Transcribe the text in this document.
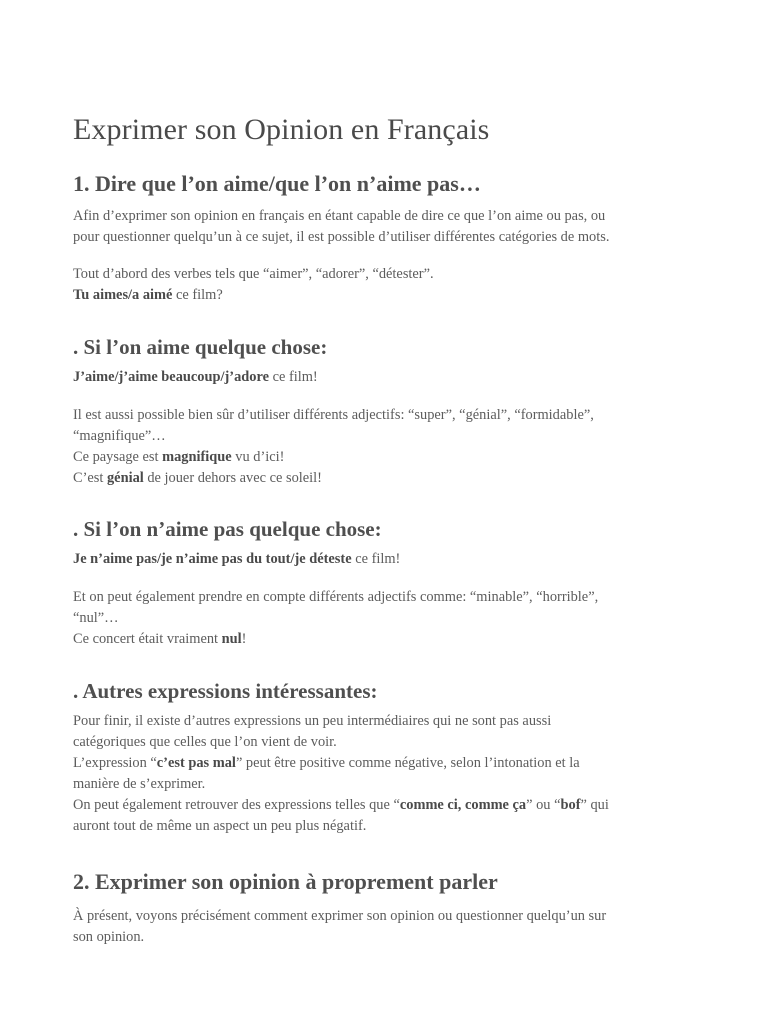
Exprimer son Opinion en Français
1. Dire que l’on aime/que l’on n’aime pas…

Afin d’exprimer son opinion en français en étant capable de dire ce que l’on aime ou pas, ou
pour questionner quelqu’un à ce sujet, il est possible d’utiliser différentes catégories de mots.

Tout d’abord des verbes tels que “aimer”, “adorer”, “détester”.
Tu aimes/a aimé ce film?

. Si l’on aime quelque chose:

J’aime/j’aime beaucoup/j’adore ce film!

Il est aussi possible bien sûr d’utiliser différents adjectifs: “super”, “génial”, “formidable”,
“magnifique”…
Ce paysage est magnifique vu d’ici!
C’est génial de jouer dehors avec ce soleil!

. Si l’on n’aime pas quelque chose:

Je n’aime pas/je n’aime pas du tout/je déteste ce film!

Et on peut également prendre en compte différents adjectifs comme: “minable”, “horrible”,
“nul”…
Ce concert était vraiment nul!

. Autres expressions intéressantes:

Pour finir, il existe d’autres expressions un peu intermédiaires qui ne sont pas aussi
catégoriques que celles que l’on vient de voir.
L’expression “c’est pas mal” peut être positive comme négative, selon l’intonation et la
manière de s’exprimer.
On peut également retrouver des expressions telles que “comme ci, comme ça” ou “bof” qui
auront tout de même un aspect un peu plus négatif.

2. Exprimer son opinion à proprement parler

À présent, voyons précisément comment exprimer son opinion ou questionner quelqu’un sur
son opinion.
